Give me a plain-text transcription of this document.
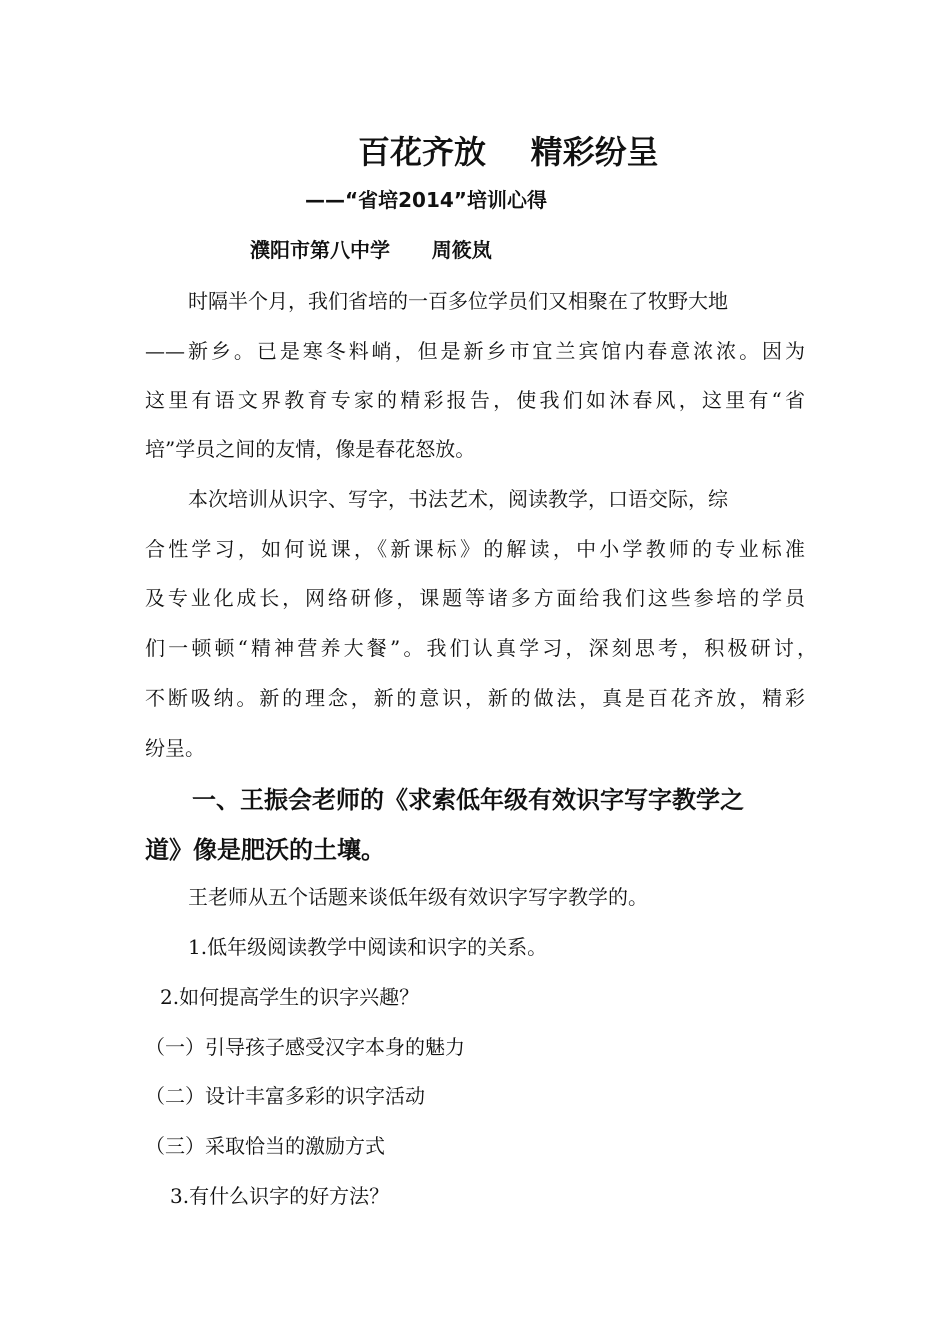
百花齐放    精彩纷呈
——“省培2014”培训心得
濮阳市第八中学      周筱岚
时隔半个月，我们省培的一百多位学员们又相聚在了牧野大地
——新乡。已是寒冬料峭，但是新乡市宜兰宾馆内春意浓浓。因为
这里有语文界教育专家的精彩报告，使我们如沐春风，这里有“省
培”学员之间的友情，像是春花怒放。
本次培训从识字、写字，书法艺术，阅读教学，口语交际，综
合性学习，如何说课，《新课标》的解读，中小学教师的专业标准
及专业化成长，网络研修，课题等诸多方面给我们这些参培的学员
们一顿顿“精神营养大餐”。我们认真学习，深刻思考，积极研讨，
不断吸纳。新的理念，新的意识，新的做法，真是百花齐放，精彩
纷呈。
一、王振会老师的《求索低年级有效识字写字教学之
道》像是肥沃的土壤。
王老师从五个话题来谈低年级有效识字写字教学的。
1.低年级阅读教学中阅读和识字的关系。
2.如何提高学生的识字兴趣？
（一）引导孩子感受汉字本身的魅力
（二）设计丰富多彩的识字活动
（三）采取恰当的激励方式
3.有什么识字的好方法？
